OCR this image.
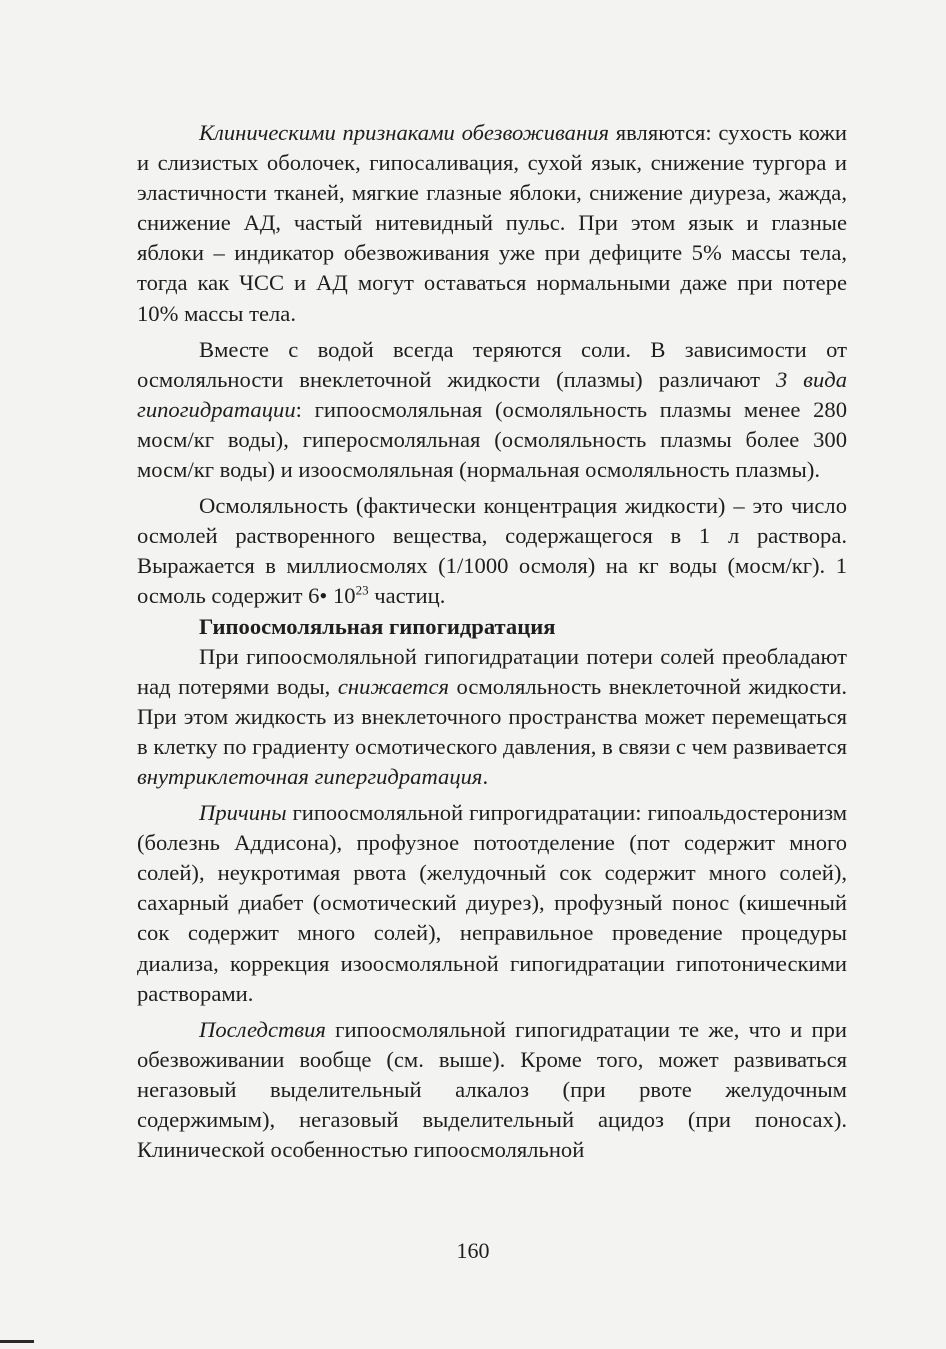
Клиническими признаками обезвоживания являются: сухость кожи и слизистых оболочек, гипосаливация, сухой язык, снижение тургора и эластичности тканей, мягкие глазные яблоки, снижение диуреза, жажда, снижение АД, частый нитевидный пульс. При этом язык и глазные яблоки – индикатор обезвоживания уже при дефиците 5% массы тела, тогда как ЧСС и АД могут оставаться нормальными даже при потере 10% массы тела.

Вместе с водой всегда теряются соли. В зависимости от осмоляльности внеклеточной жидкости (плазмы) различают 3 вида гипогидратации: гипоосмоляльная (осмоляльность плазмы менее 280 мосм/кг воды), гиперосмоляльная (осмоляльность плазмы более 300 мосм/кг воды) и изоосмоляльная (нормальная осмоляльность плазмы).

Осмоляльность (фактически концентрация жидкости) – это число осмолей растворенного вещества, содержащегося в 1 л раствора. Выражается в миллиосмолях (1/1000 осмоля) на кг воды (мосм/кг). 1 осмоль содержит 6• $10^{23}$ частиц.

Гипоосмоляльная гипогидратация

При гипоосмоляльной гипогидратации потери солей преобладают над потерями воды, снижается осмоляльность внеклеточной жидкости. При этом жидкость из внеклеточного пространства может перемещаться в клетку по градиенту осмотического давления, в связи с чем развивается внутриклеточная гипергидратация.

Причины гипоосмоляльной гипрогидратации: гипоальдостеронизм (болезнь Аддисона), профузное потоотделение (пот содержит много солей), неукротимая рвота (желудочный сок содержит много солей), сахарный диабет (осмотический диурез), профузный понос (кишечный сок содержит много солей), неправильное проведение процедуры диализа, коррекция изоосмоляльной гипогидратации гипотоническими растворами.

Последствия гипоосмоляльной гипогидратации те же, что и при обезвоживании вообще (см. выше). Кроме того, может развиваться негазовый выделительный алкалоз (при рвоте желудочным содержимым), негазовый выделительный ацидоз (при поносах). Клинической особенностью гипоосмоляльной

160
